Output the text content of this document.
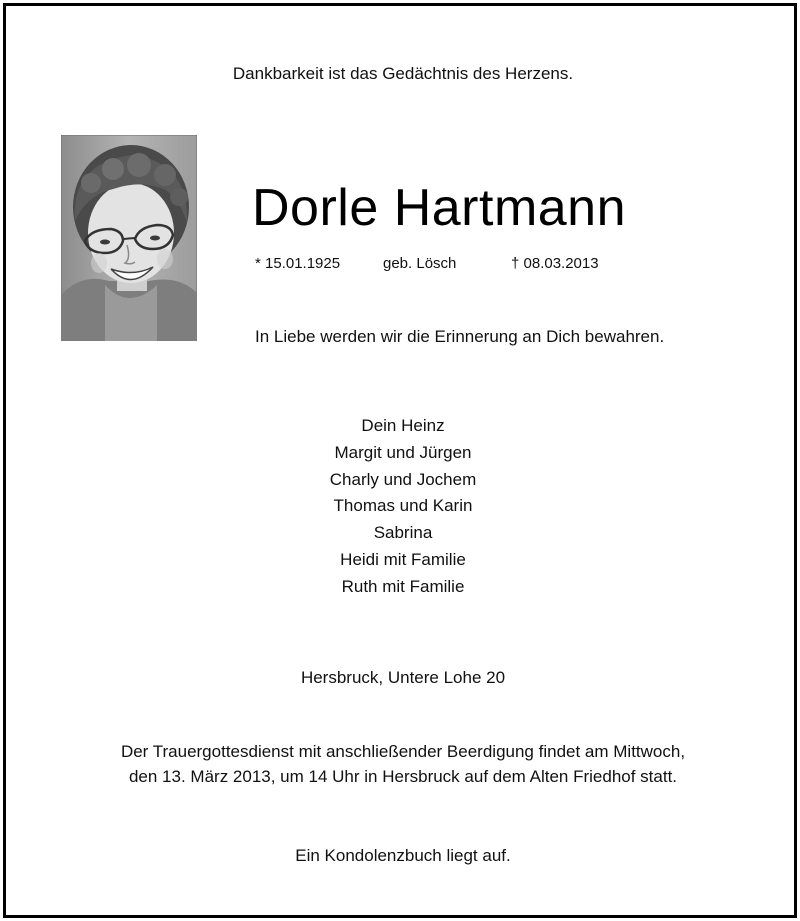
Dankbarkeit ist das Gedächtnis des Herzens.
Dorle Hartmann
* 15.01.1925	geb. Lösch	† 08.03.2013
In Liebe werden wir die Erinnerung an Dich bewahren.
Dein Heinz
Margit und Jürgen
Charly und Jochem
Thomas und Karin
Sabrina
Heidi mit Familie
Ruth mit Familie
Hersbruck, Untere Lohe 20
Der Trauergottesdienst mit anschließender Beerdigung findet am Mittwoch,
den 13. März 2013, um 14 Uhr in Hersbruck auf dem Alten Friedhof statt.
Ein Kondolenzbuch liegt auf.
